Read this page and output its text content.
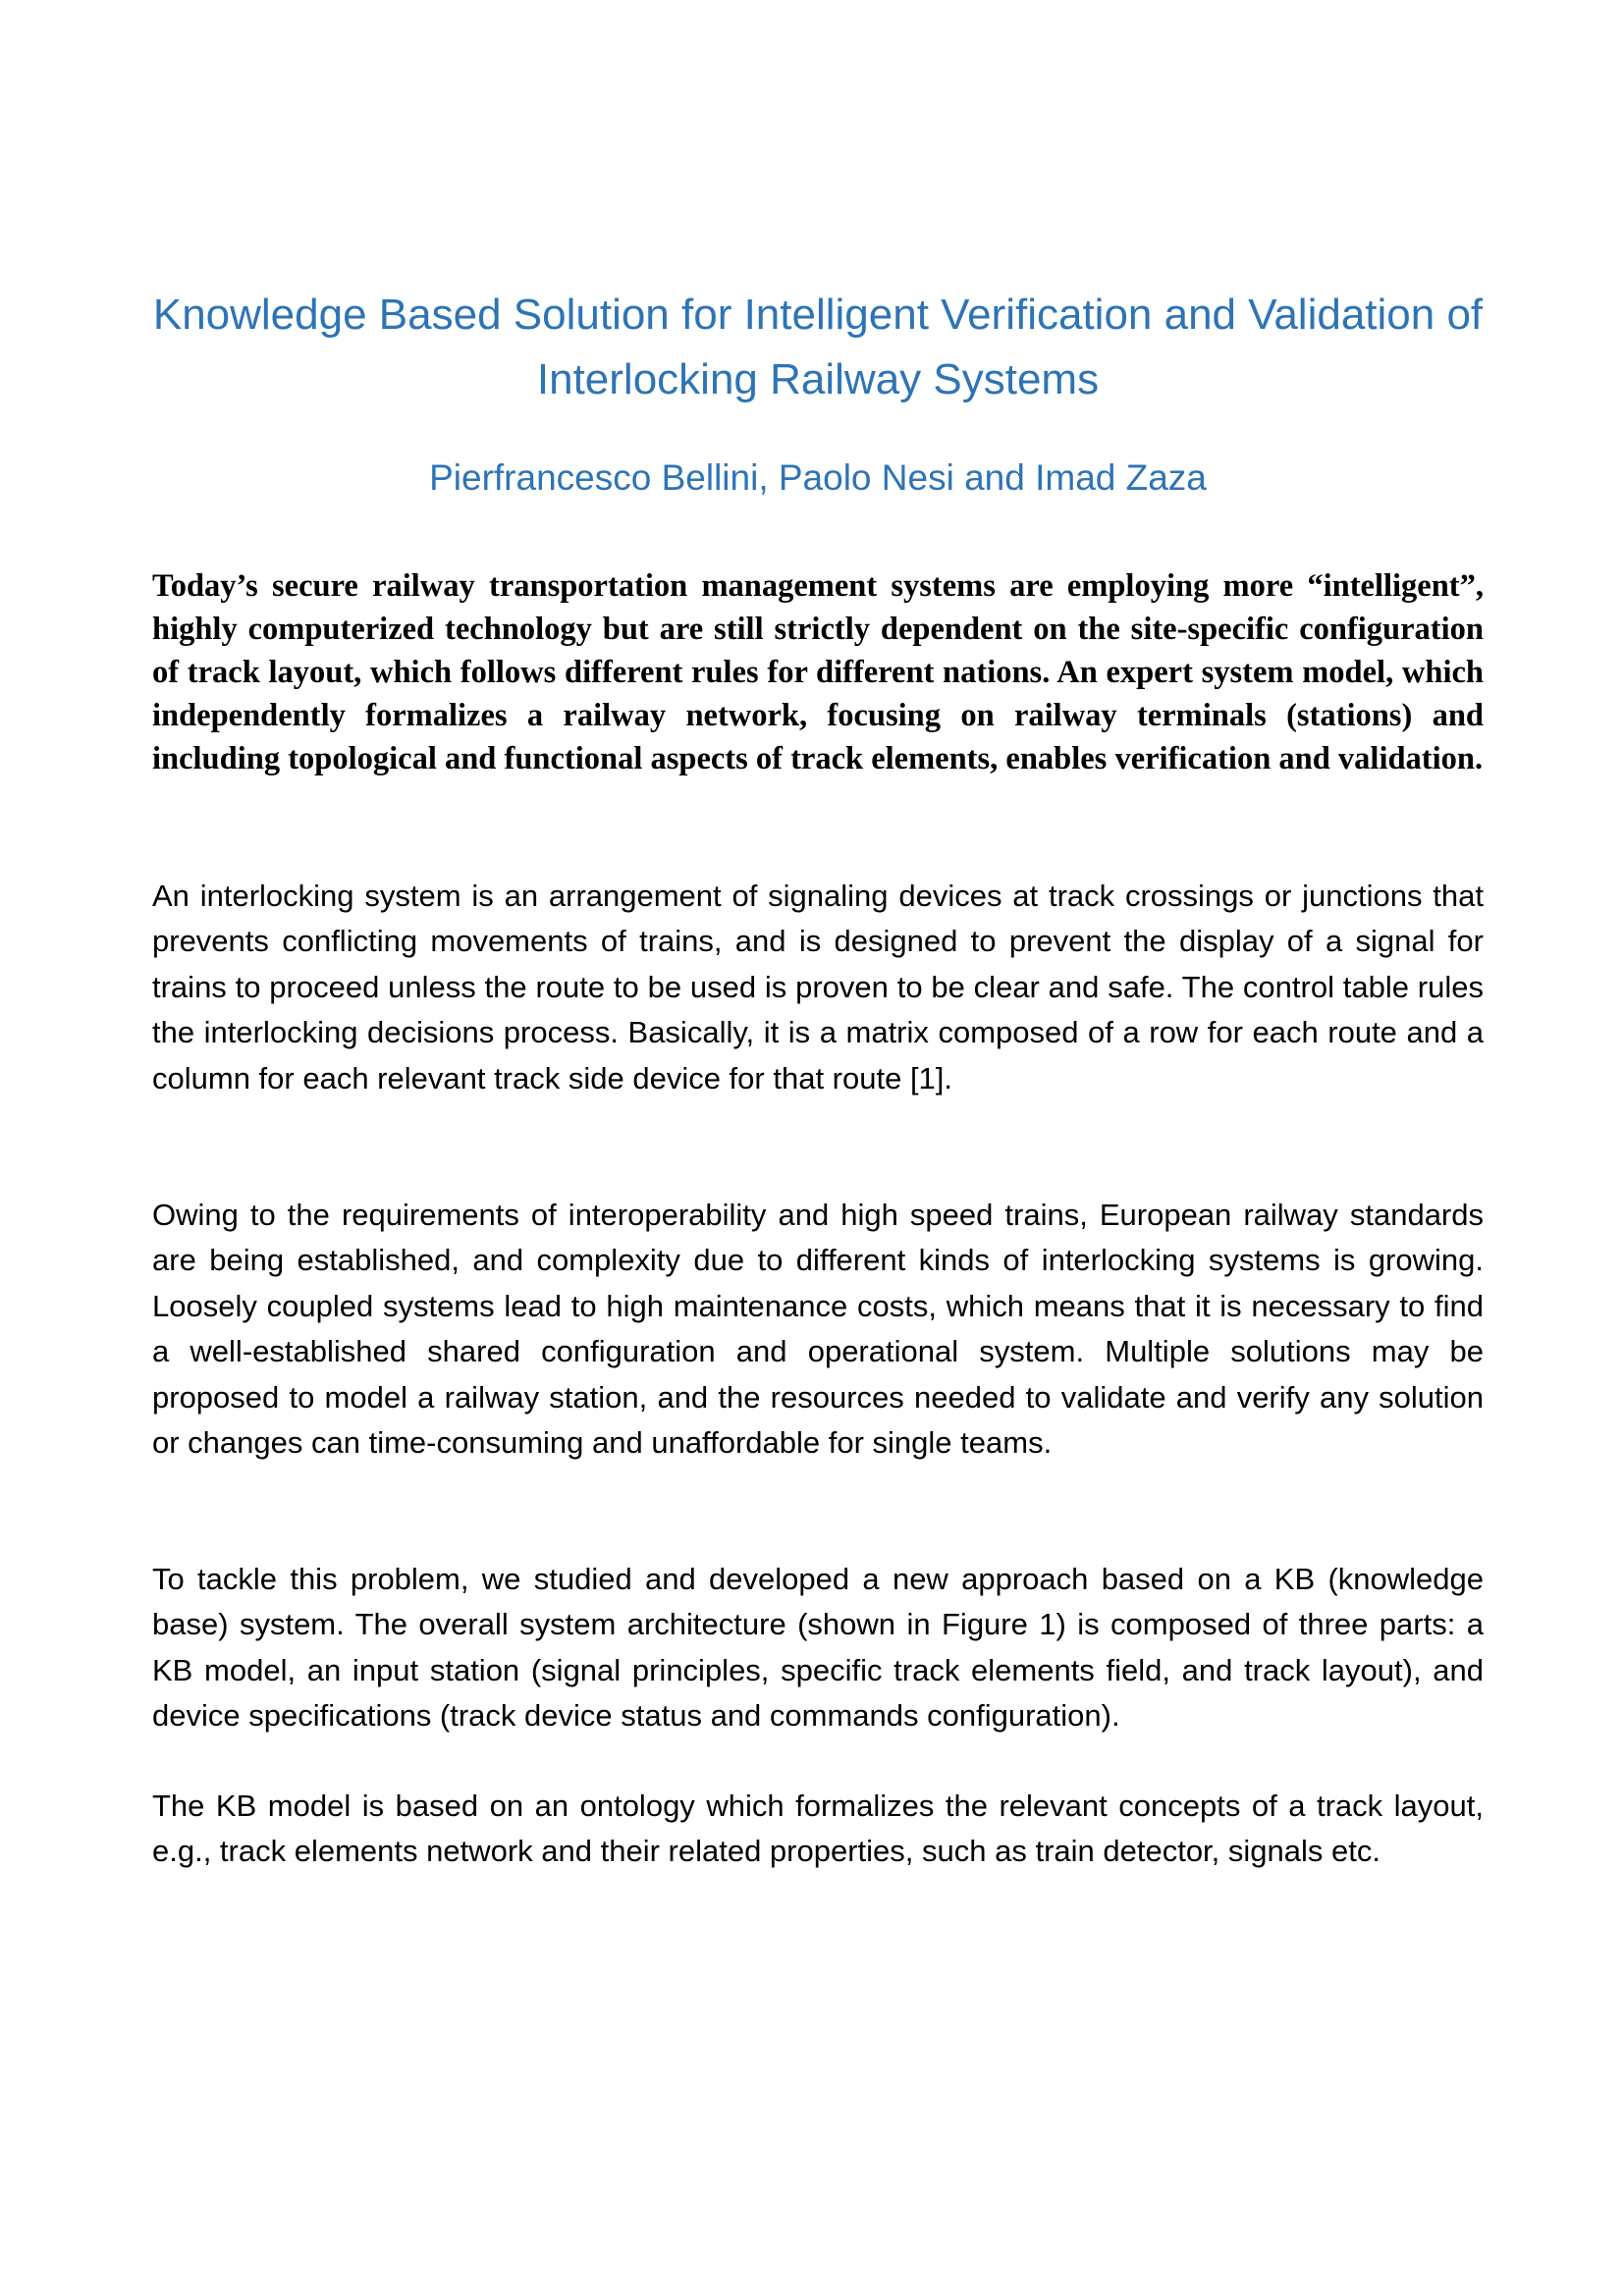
Knowledge Based Solution for Intelligent Verification and Validation of Interlocking Railway Systems
Pierfrancesco Bellini, Paolo Nesi and Imad Zaza

Today’s secure railway transportation management systems are employing more “intelligent”, highly computerized technology but are still strictly dependent on the site-specific configuration of track layout, which follows different rules for different nations. An expert system model, which independently formalizes a railway network, focusing on railway terminals (stations) and including topological and functional aspects of track elements, enables verification and validation.

An interlocking system is an arrangement of signaling devices at track crossings or junctions that prevents conflicting movements of trains, and is designed to prevent the display of a signal for trains to proceed unless the route to be used is proven to be clear and safe. The control table rules the interlocking decisions process. Basically, it is a matrix composed of a row for each route and a column for each relevant track side device for that route [1].

Owing to the requirements of interoperability and high speed trains, European railway standards are being established, and complexity due to different kinds of interlocking systems is growing. Loosely coupled systems lead to high maintenance costs, which means that it is necessary to find a well-established shared configuration and operational system. Multiple solutions may be proposed to model a railway station, and the resources needed to validate and verify any solution or changes can time-consuming and unaffordable for single teams.

To tackle this problem, we studied and developed a new approach based on a KB (knowledge base) system. The overall system architecture (shown in Figure 1) is composed of three parts: a KB model, an input station (signal principles, specific track elements field, and track layout), and device specifications (track device status and commands configuration).

The KB model is based on an ontology which formalizes the relevant concepts of a track layout, e.g., track elements network and their related properties, such as train detector, signals etc.
